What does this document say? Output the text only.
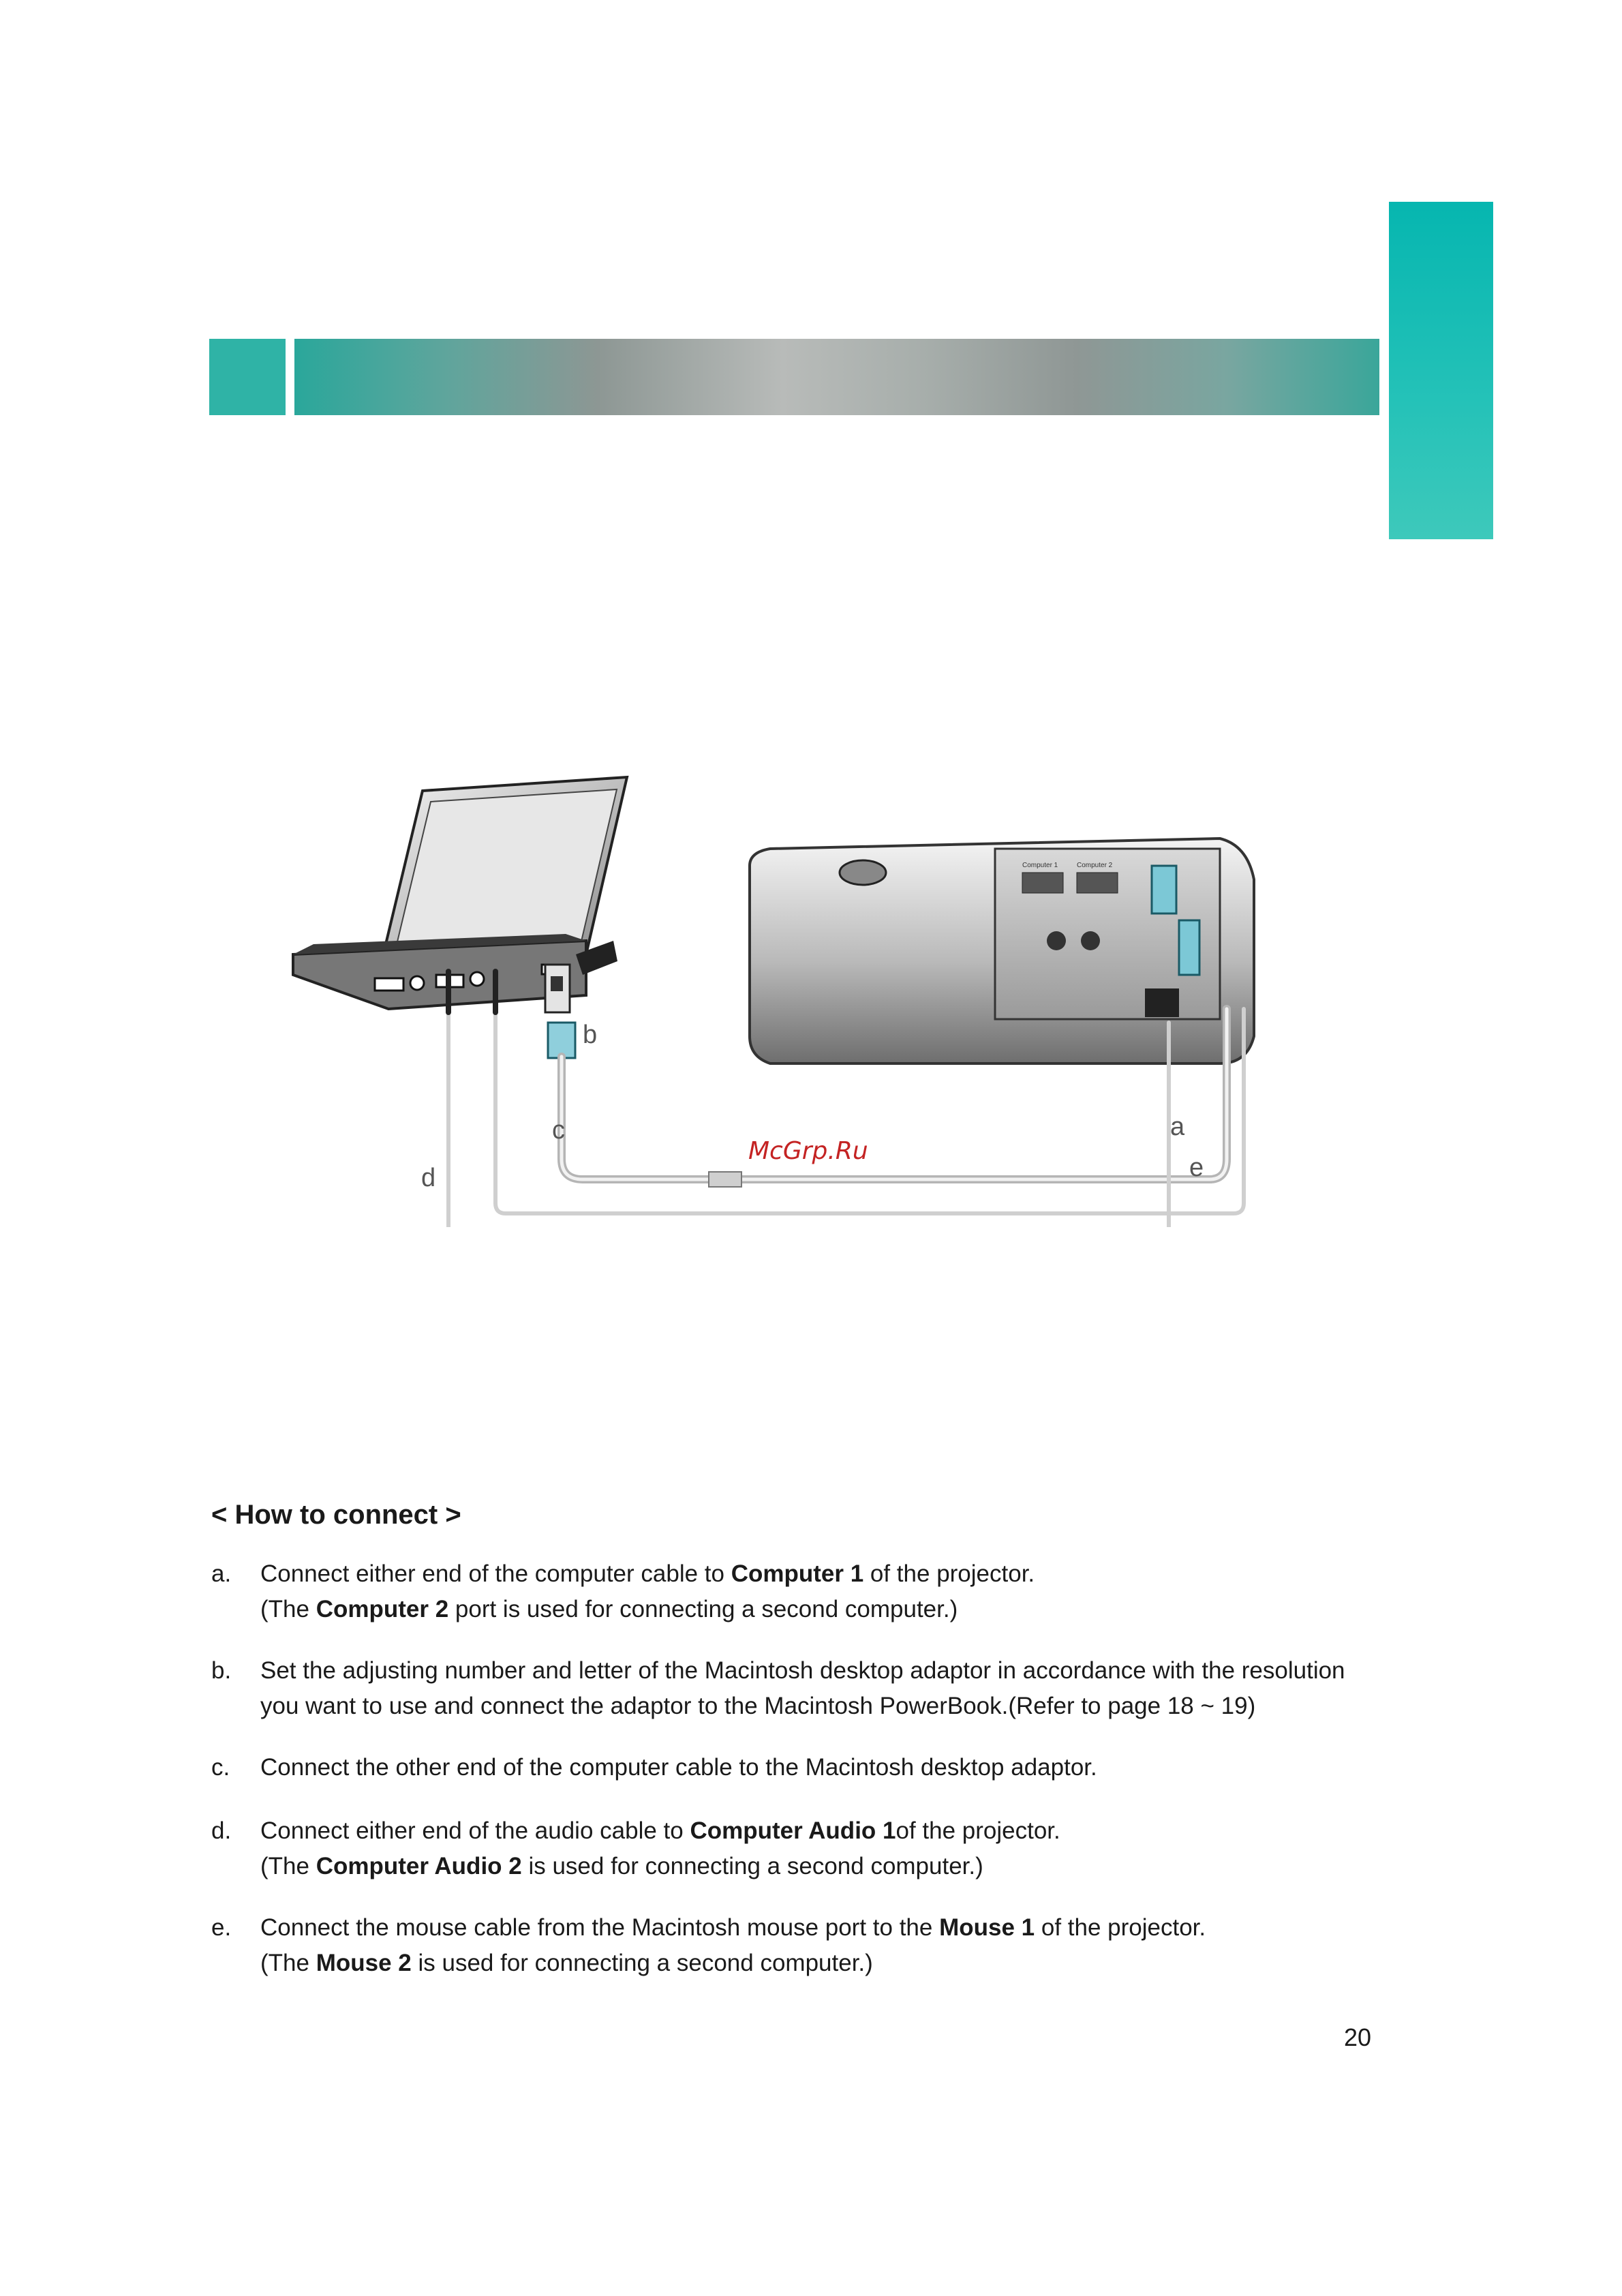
Computer 1	Computer 2
McGrp.Ru
b
c
d
a
e
< How to connect >
a. Connect either end of the computer cable to Computer 1 of the projector.
(The Computer 2 port is used for connecting a second computer.)
b. Set the adjusting number and letter of the Macintosh desktop adaptor in accordance with the resolution
you want to use and connect the adaptor to the Macintosh PowerBook.(Refer to page 18 ~ 19)
c. Connect the other end of the computer cable to the Macintosh desktop adaptor.
d. Connect either end of the audio cable to Computer Audio 1of the projector.
(The Computer Audio 2 is used for connecting a second computer.)
e. Connect the mouse cable from the Macintosh mouse port to the Mouse 1 of the projector.
(The Mouse 2 is used for connecting a second computer.)
20
